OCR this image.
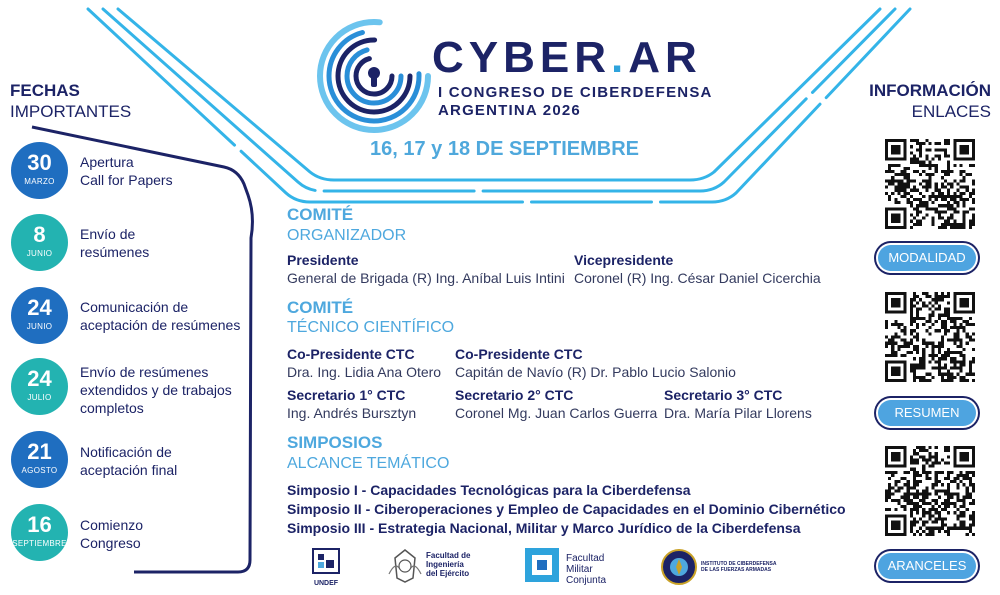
CYBER.AR
I CONGRESO DE CIBERDEFENSA
ARGENTINA 2026
16, 17 y 18 DE SEPTIEMBRE
FECHAS
IMPORTANTES
30
MARZO
Apertura
Call for Papers
8
JUNIO
Envío de
resúmenes
24
JUNIO
Comunicación de
aceptación de resúmenes
24
JULIO
Envío de resúmenes
extendidos y de trabajos
completos
21
AGOSTO
Notificación de
aceptación final
16
SEPTIEMBRE
Comienzo
Congreso
COMITÉ
ORGANIZADOR
Presidente
General de Brigada (R) Ing. Aníbal Luis Intini
Vicepresidente
Coronel (R) Ing. César Daniel Cicerchia
COMITÉ
TÉCNICO CIENTÍFICO
Co-Presidente CTC
Dra. Ing. Lidia Ana Otero
Co-Presidente CTC
Capitán de Navío (R) Dr. Pablo Lucio Salonio
Secretario 1° CTC
Ing. Andrés Bursztyn
Secretario 2° CTC
Coronel Mg. Juan Carlos Guerra
Secretario 3° CTC
Dra. María Pilar Llorens
SIMPOSIOS
ALCANCE TEMÁTICO
Simposio I - Capacidades Tecnológicas para la Ciberdefensa
Simposio II - Ciberoperaciones y Empleo de Capacidades en el Dominio Cibernético
Simposio III - Estrategia Nacional, Militar y Marco Jurídico de la Ciberdefensa
UNDEF
Facultad de
Ingeniería
del Ejército
Facultad
Militar
Conjunta
INSTITUTO DE CIBERDEFENSA
DE LAS FUERZAS ARMADAS
INFORMACIÓN
ENLACES
MODALIDAD
RESUMEN
ARANCELES
